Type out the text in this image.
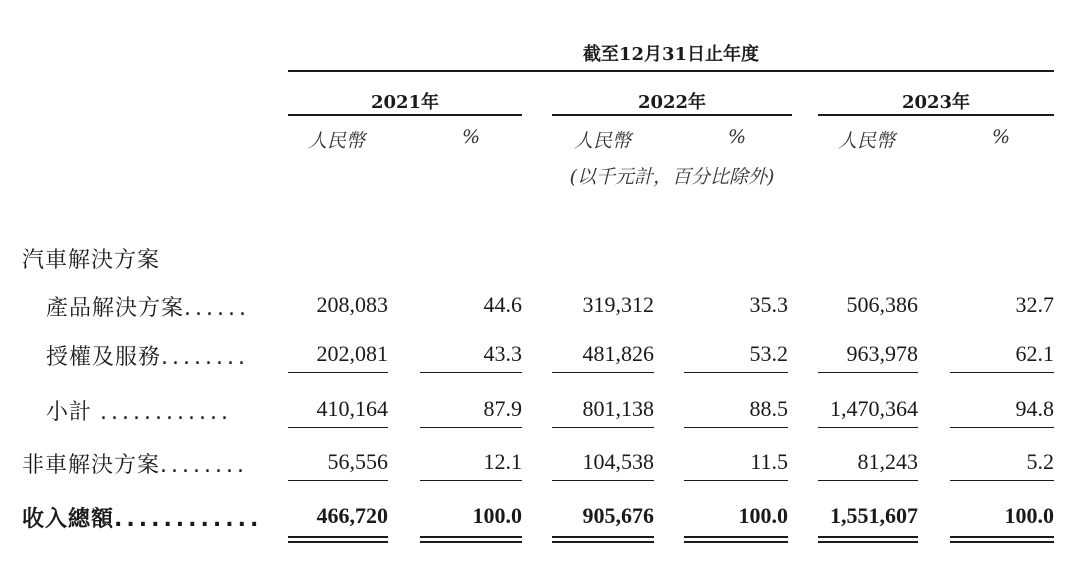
截至12月31日止年度
2021年	2022年	2023年
人民幣	%	人民幣	%	人民幣	%
(以千元計，百分比除外)
汽車解決方案
產品解決方案......	208,083	44.6	319,312	35.3	506,386	32.7
授權及服務........	202,081	43.3	481,826	53.2	963,978	62.1
小計 ............	410,164	87.9	801,138	88.5	1,470,364	94.8
非車解決方案........	56,556	12.1	104,538	11.5	81,243	5.2
收入總額............	466,720	100.0	905,676	100.0	1,551,607	100.0
